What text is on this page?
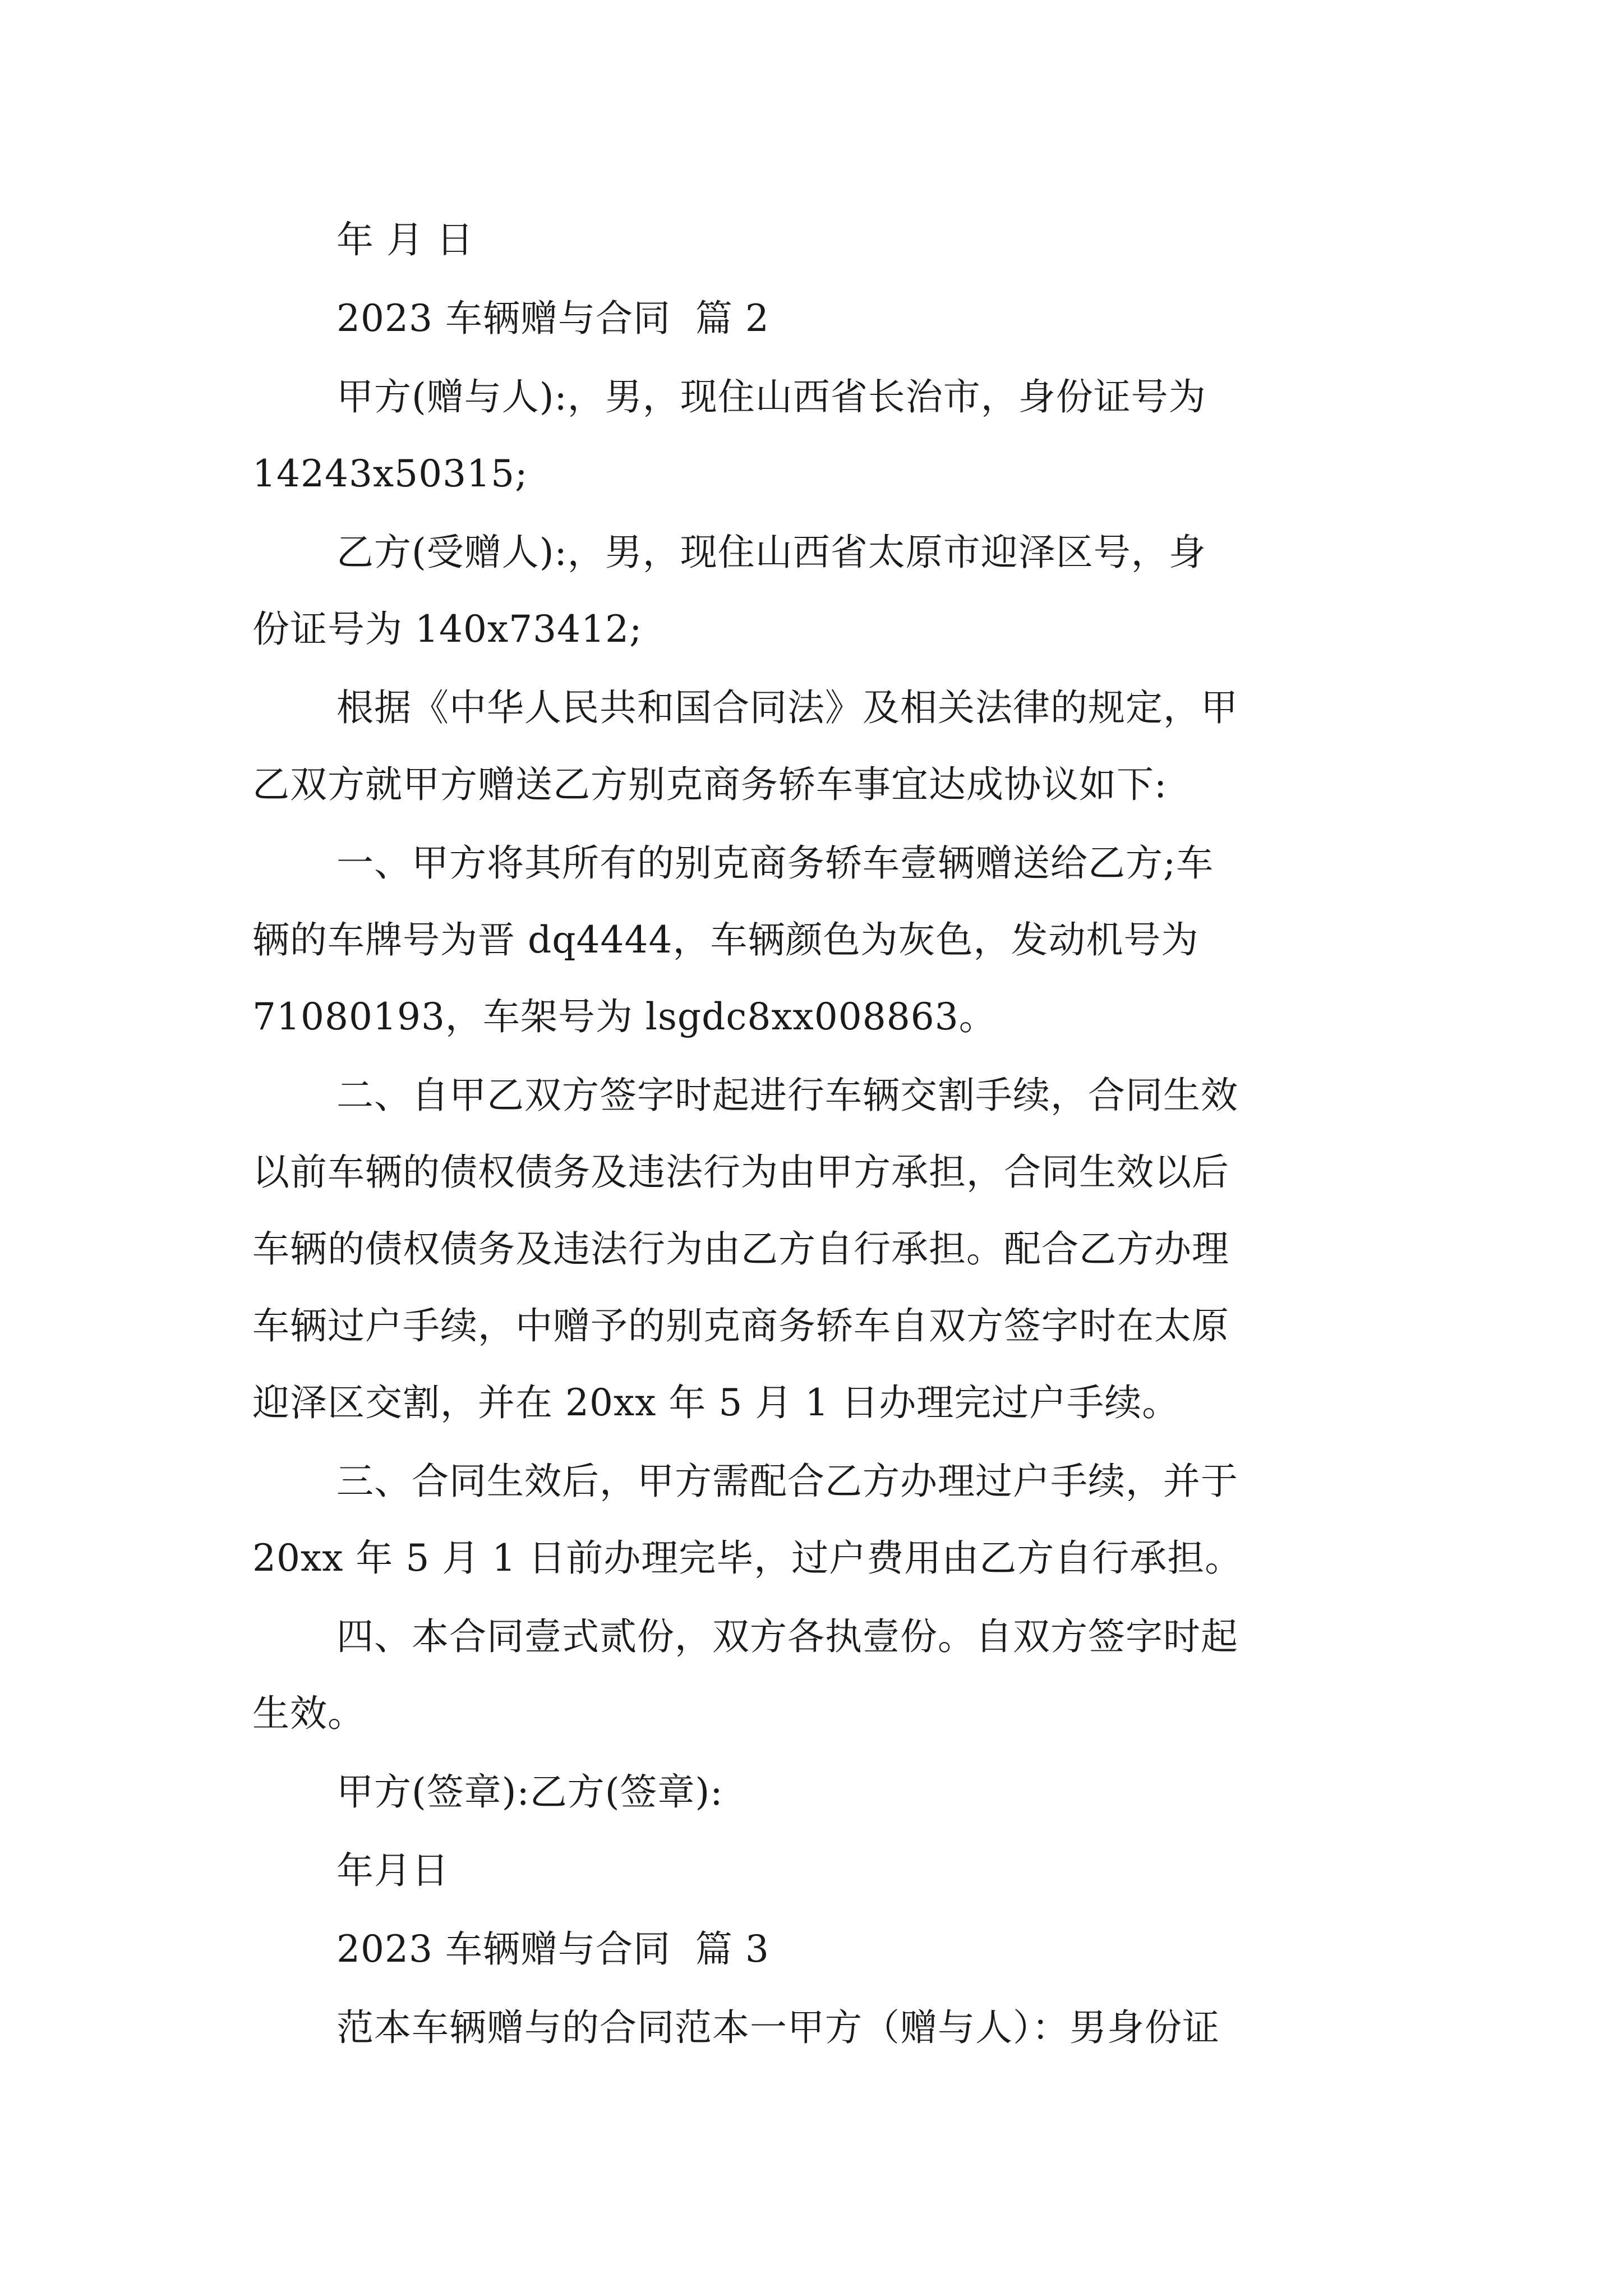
年 月 日
2023 车辆赠与合同  篇 2
甲方(赠与人):，男，现住山西省长治市，身份证号为
14243x50315;
乙方(受赠人):，男，现住山西省太原市迎泽区号，身
份证号为 140x73412;
根据《中华人民共和国合同法》及相关法律的规定，甲
乙双方就甲方赠送乙方别克商务轿车事宜达成协议如下:
一、甲方将其所有的别克商务轿车壹辆赠送给乙方;车
辆的车牌号为晋 dq4444，车辆颜色为灰色，发动机号为
71080193，车架号为 lsgdc8xx008863。
二、自甲乙双方签字时起进行车辆交割手续，合同生效
以前车辆的债权债务及违法行为由甲方承担，合同生效以后
车辆的债权债务及违法行为由乙方自行承担。配合乙方办理
车辆过户手续，中赠予的别克商务轿车自双方签字时在太原
迎泽区交割，并在 20xx 年 5 月 1 日办理完过户手续。
三、合同生效后，甲方需配合乙方办理过户手续，并于
20xx 年 5 月 1 日前办理完毕，过户费用由乙方自行承担。
四、本合同壹式贰份，双方各执壹份。自双方签字时起
生效。
甲方(签章):乙方(签章):
年月日
2023 车辆赠与合同  篇 3
范本车辆赠与的合同范本一甲方（赠与人）：男身份证
